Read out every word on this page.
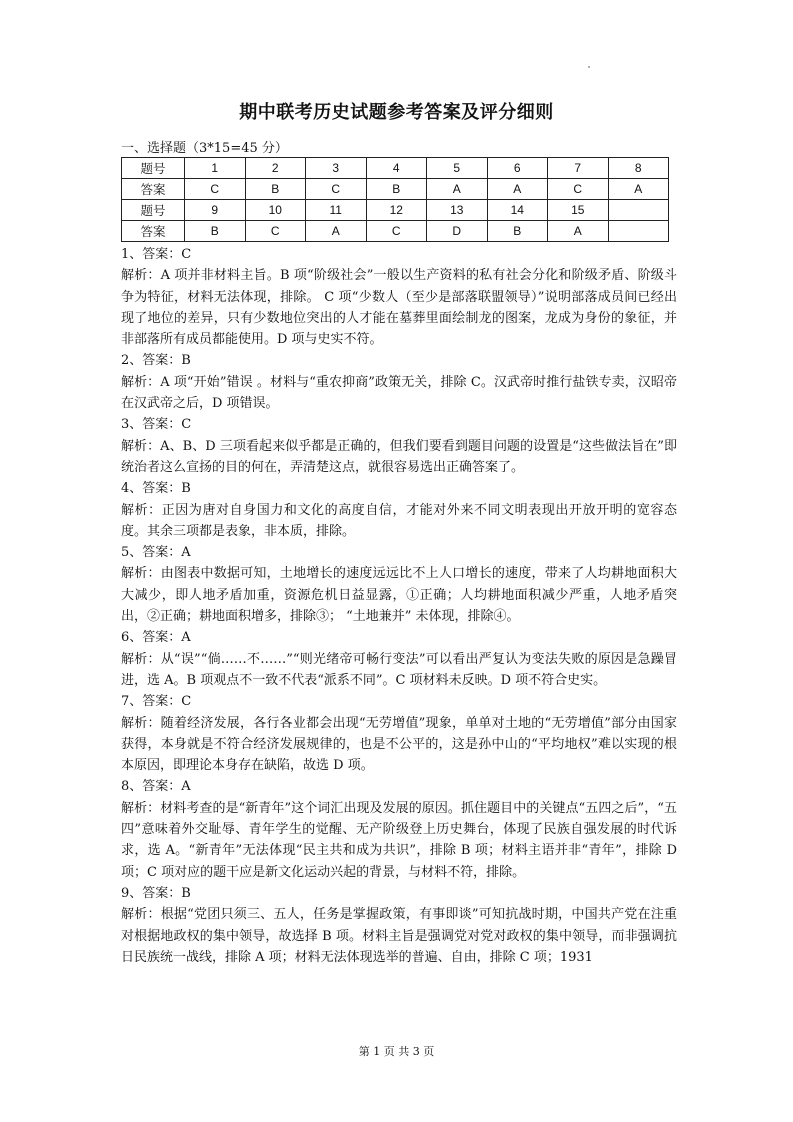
期中联考历史试题参考答案及评分细则
一、选择题（3*15=45 分）
题号	1	2	3	4	5	6	7	8
答案	C	B	C	B	A	A	C	A
题号	9	10	11	12	13	14	15	
答案	B	C	A	C	D	B	A	

1、答案：C

解析：A 项并非材料主旨。B 项“阶级社会”一般以生产资料的私有社会分化和阶级矛盾、阶级斗争为特征，材料无法体现，排除。 C 项“少数人（至少是部落联盟领导）”说明部落成员间已经出现了地位的差异，只有少数地位突出的人才能在墓葬里面绘制龙的图案，龙成为身份的象征，并非部落所有成员都能使用。D 项与史实不符。

2、答案：B

解析：A 项“开始”错误 。材料与“重农抑商”政策无关，排除 C。汉武帝时推行盐铁专卖，汉昭帝在汉武帝之后，D 项错误。

3、答案：C

解析：A、B、D 三项看起来似乎都是正确的，但我们要看到题目问题的设置是“这些做法旨在”即统治者这么宣扬的目的何在，弄清楚这点，就很容易选出正确答案了。

4、答案：B

解析：正因为唐对自身国力和文化的高度自信，才能对外来不同文明表现出开放开明的宽容态度。其余三项都是表象，非本质，排除。

5、答案：A

解析：由图表中数据可知，土地增长的速度远远比不上人口增长的速度，带来了人均耕地面积大大减少，即人地矛盾加重，资源危机日益显露，①正确；人均耕地面积减少严重，人地矛盾突出，②正确；耕地面积增多，排除③； “土地兼并” 未体现，排除④。

6、答案：A

解析：从“误”“倘……不……”“则光绪帝可畅行变法”可以看出严复认为变法失败的原因是急躁冒进，选 A。B 项观点不一致不代表“派系不同”。C 项材料未反映。D 项不符合史实。

7、答案：C

解析：随着经济发展，各行各业都会出现“无劳增值”现象，单单对土地的“无劳增值”部分由国家获得，本身就是不符合经济发展规律的，也是不公平的，这是孙中山的“平均地权”难以实现的根本原因，即理论本身存在缺陷，故选 D 项。

8、答案：A

解析：材料考查的是“新青年”这个词汇出现及发展的原因。抓住题目中的关键点“五四之后”，“五四”意味着外交耻辱、青年学生的觉醒、无产阶级登上历史舞台，体现了民族自强发展的时代诉求，选 A。“新青年”无法体现“民主共和成为共识”，排除 B 项；材料主语并非“青年”，排除 D 项；C 项对应的题干应是新文化运动兴起的背景，与材料不符，排除。

9、答案：B

解析：根据“党团只须三、五人，任务是掌握政策，有事即谈”可知抗战时期，中国共产党在注重对根据地政权的集中领导，故选择 B 项。材料主旨是强调党对党对政权的集中领导，而非强调抗日民族统一战线，排除 A 项；材料无法体现选举的普遍、自由，排除 C 项；1931

第 1 页 共 3 页
